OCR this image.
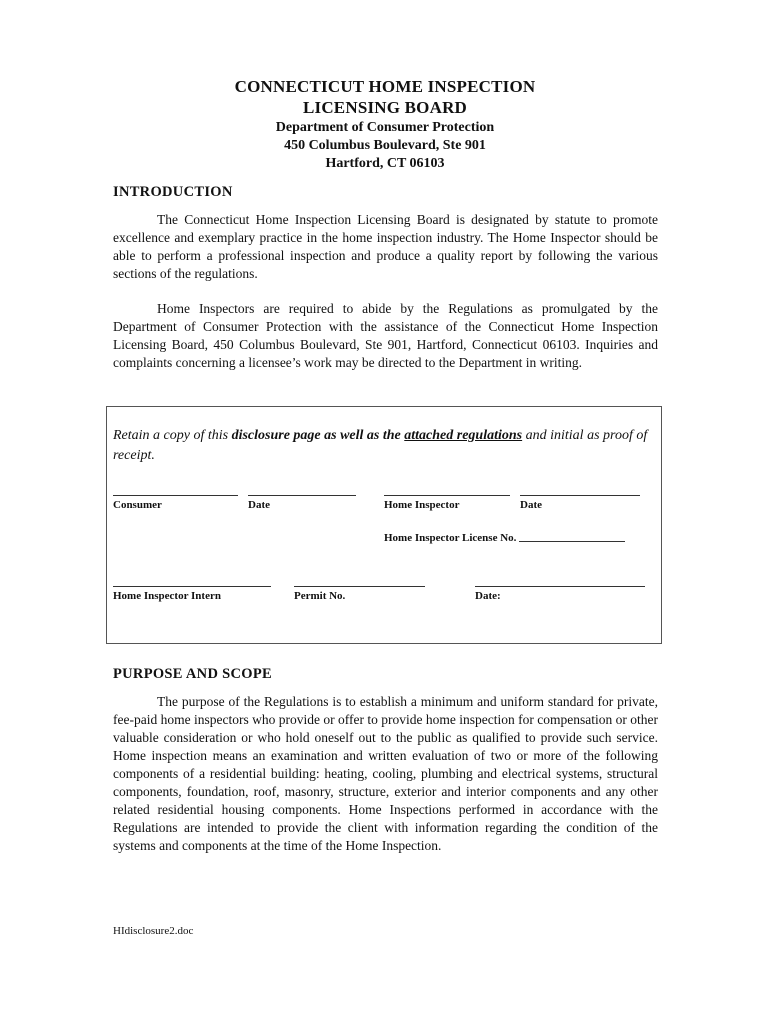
CONNECTICUT HOME INSPECTION
LICENSING BOARD
Department of Consumer Protection
450 Columbus Boulevard, Ste 901
Hartford, CT 06103
INTRODUCTION

The Connecticut Home Inspection Licensing Board is designated by statute to promote excellence and exemplary practice in the home inspection industry. The Home Inspector should be able to perform a professional inspection and produce a quality report by following the various sections of the regulations.

Home Inspectors are required to abide by the Regulations as promulgated by the Department of Consumer Protection with the assistance of the Connecticut Home Inspection Licensing Board, 450 Columbus Boulevard, Ste 901, Hartford, Connecticut 06103. Inquiries and complaints concerning a licensee’s work may be directed to the Department in writing.

Retain a copy of this disclosure page as well as the attached regulations and initial as proof of receipt.
Consumer	Date	Home Inspector	Date
Home Inspector License No.
Home Inspector Intern	Permit No.	Date:
PURPOSE AND SCOPE

The purpose of the Regulations is to establish a minimum and uniform standard for private, fee-paid home inspectors who provide or offer to provide home inspection for compensation or other valuable consideration or who hold oneself out to the public as qualified to provide such service. Home inspection means an examination and written evaluation of two or more of the following components of a residential building: heating, cooling, plumbing and electrical systems, structural components, foundation, roof, masonry, structure, exterior and interior components and any other related residential housing components. Home Inspections performed in accordance with the Regulations are intended to provide the client with information regarding the condition of the systems and components at the time of the Home Inspection.

HIdisclosure2.doc
